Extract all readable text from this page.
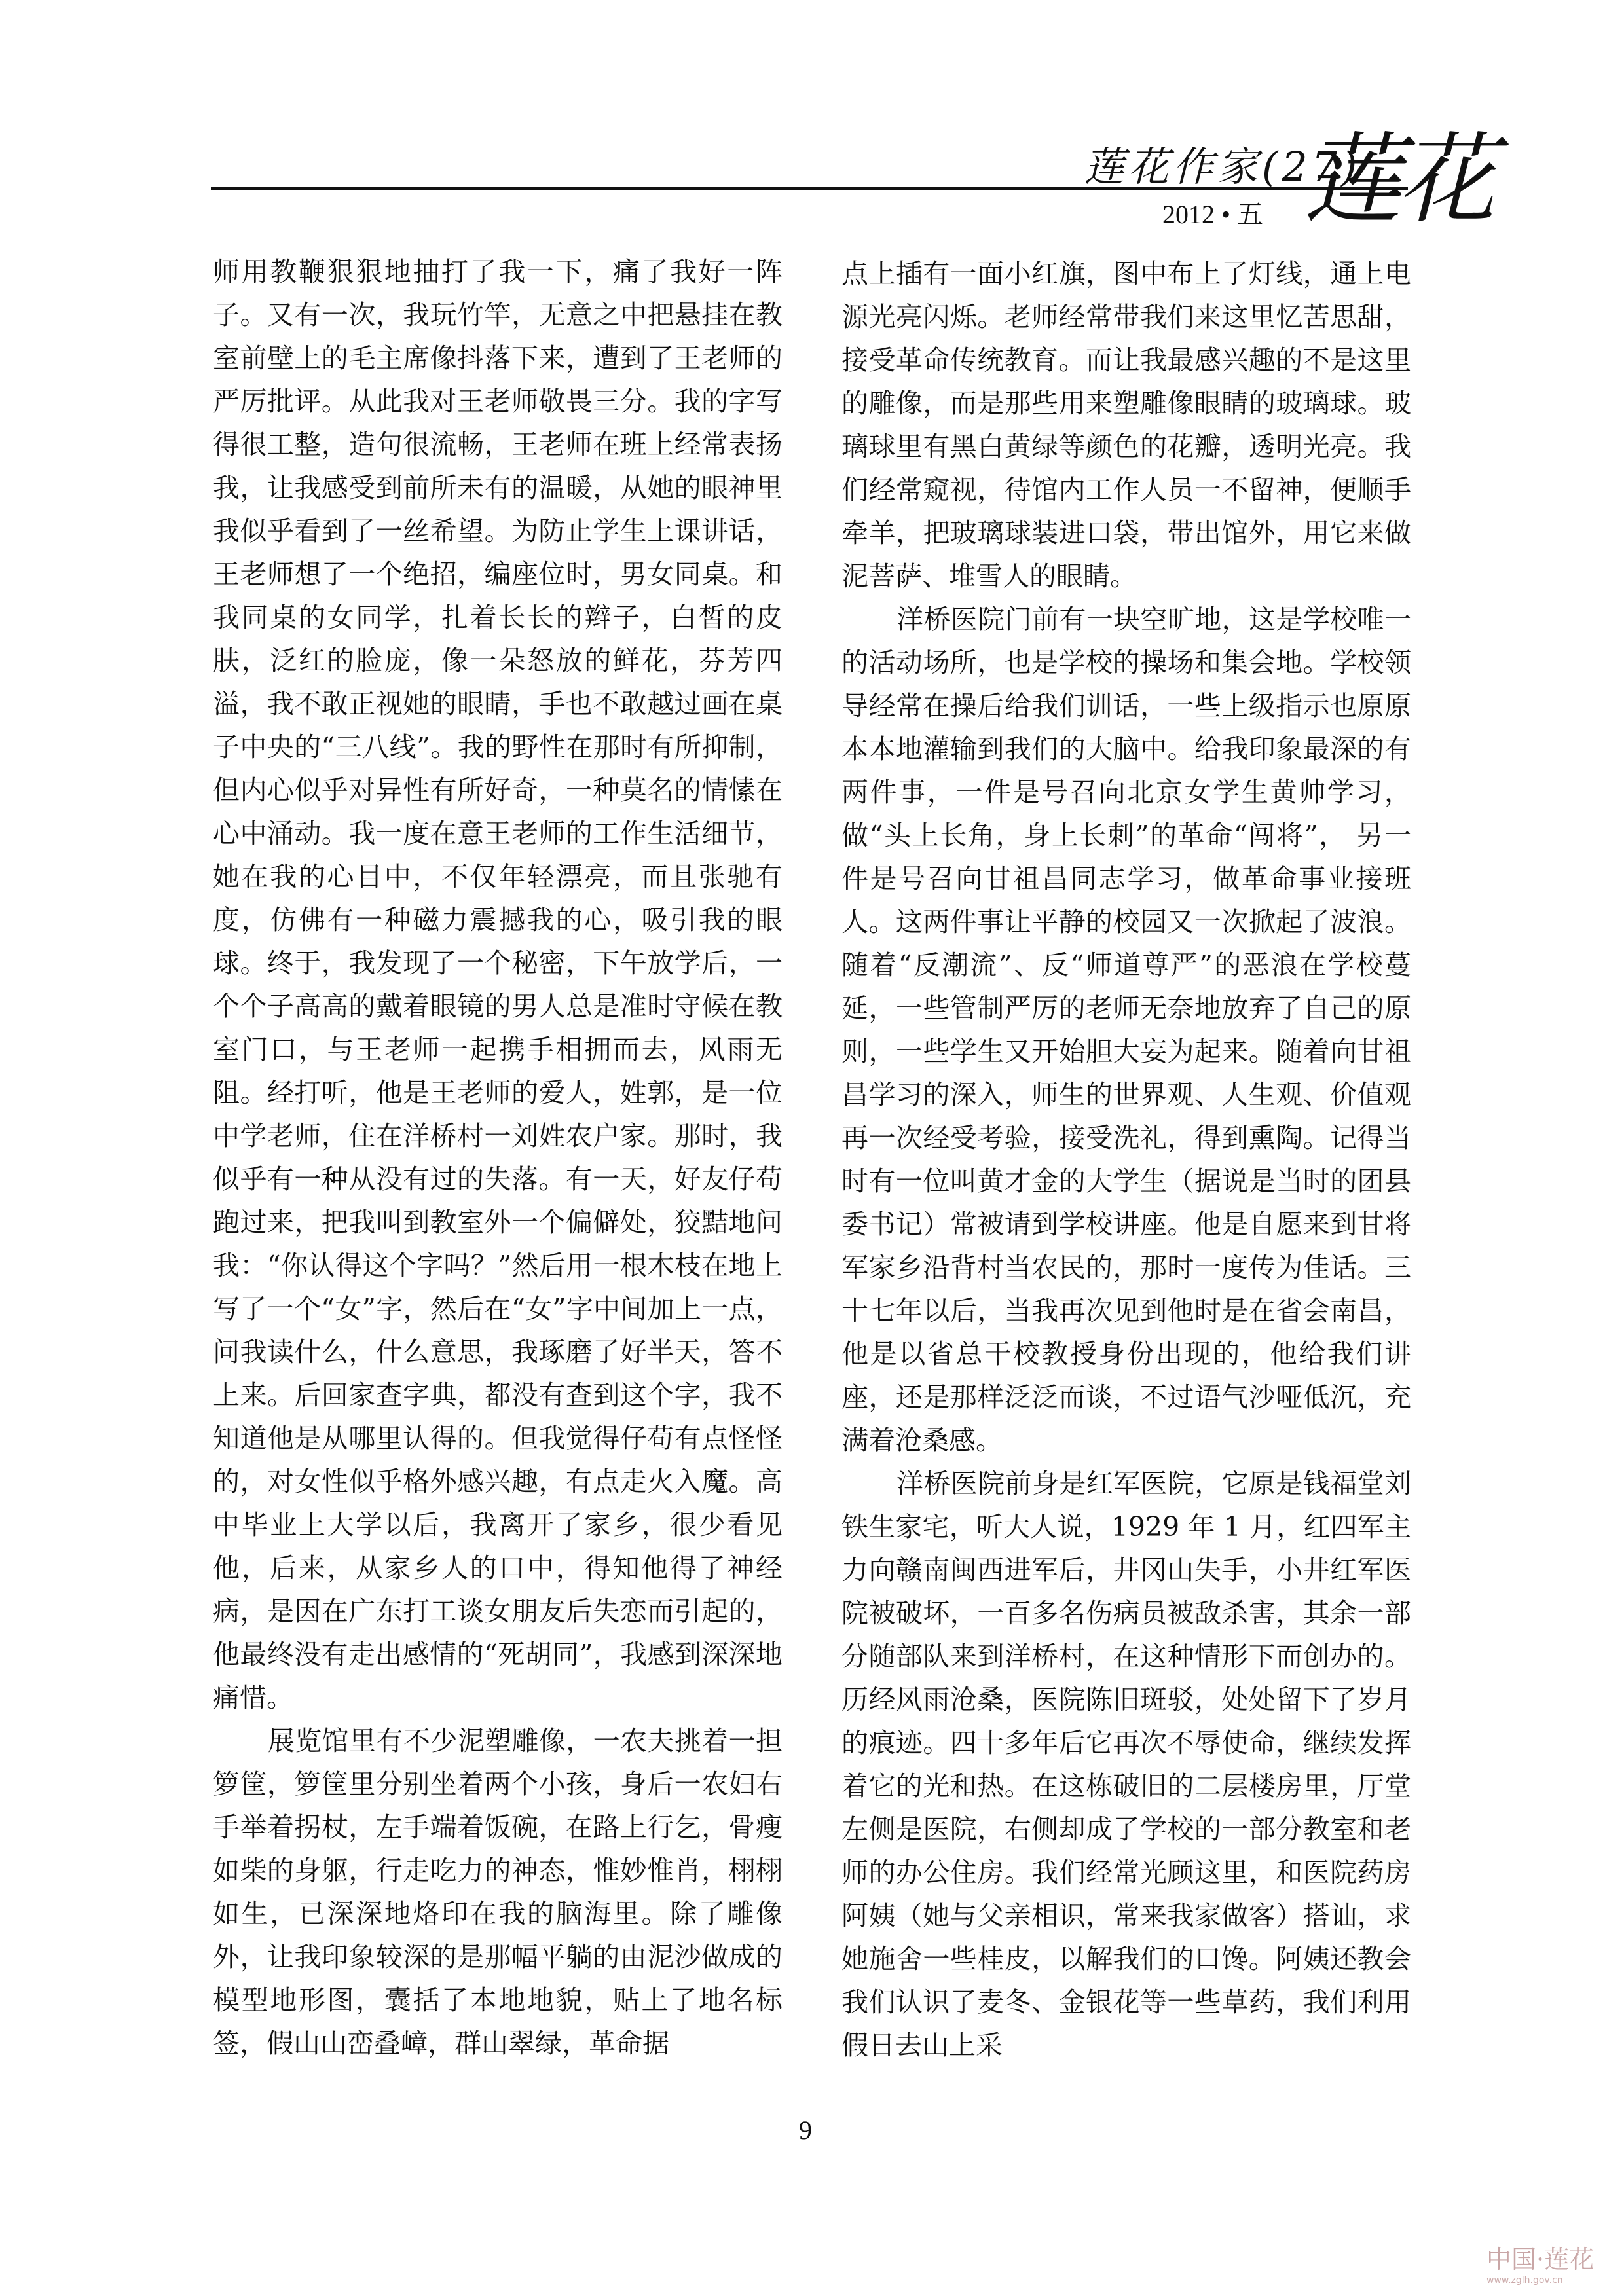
莲花作家(27)
2012 • 五 莲花

师用教鞭狠狠地抽打了我一下，痛了我好一阵子。又有一次，我玩竹竿，无意之中把悬挂在教室前壁上的毛主席像抖落下来，遭到了王老师的严厉批评。从此我对王老师敬畏三分。我的字写得很工整，造句很流畅，王老师在班上经常表扬我，让我感受到前所未有的温暖，从她的眼神里我似乎看到了一丝希望。为防止学生上课讲话，王老师想了一个绝招，编座位时，男女同桌。和我同桌的女同学，扎着长长的辫子，白皙的皮肤，泛红的脸庞，像一朵怒放的鲜花，芬芳四溢，我不敢正视她的眼睛，手也不敢越过画在桌子中央的“三八线”。我的野性在那时有所抑制，但内心似乎对异性有所好奇，一种莫名的情愫在心中涌动。我一度在意王老师的工作生活细节，她在我的心目中，不仅年轻漂亮，而且张驰有度，仿佛有一种磁力震撼我的心，吸引我的眼球。终于，我发现了一个秘密，下午放学后，一个个子高高的戴着眼镜的男人总是准时守候在教室门口，与王老师一起携手相拥而去，风雨无阻。经打听，他是王老师的爱人，姓郭，是一位中学老师，住在洋桥村一刘姓农户家。那时，我似乎有一种从没有过的失落。有一天，好友仔苟跑过来，把我叫到教室外一个偏僻处，狡黠地问我：“你认得这个字吗？”然后用一根木枝在地上写了一个“女”字，然后在“女”字中间加上一点，问我读什么，什么意思，我琢磨了好半天，答不上来。后回家查字典，都没有查到这个字，我不知道他是从哪里认得的。但我觉得仔苟有点怪怪的，对女性似乎格外感兴趣，有点走火入魔。高中毕业上大学以后，我离开了家乡，很少看见他，后来，从家乡人的口中，得知他得了神经病，是因在广东打工谈女朋友后失恋而引起的，他最终没有走出感情的“死胡同”，我感到深深地痛惜。

展览馆里有不少泥塑雕像，一农夫挑着一担箩筐，箩筐里分别坐着两个小孩，身后一农妇右手举着拐杖，左手端着饭碗，在路上行乞，骨瘦如柴的身躯，行走吃力的神态，惟妙惟肖，栩栩如生，已深深地烙印在我的脑海里。除了雕像外，让我印象较深的是那幅平躺的由泥沙做成的模型地形图，囊括了本地地貌，贴上了地名标签，假山山峦叠嶂，群山翠绿，革命据

点上插有一面小红旗，图中布上了灯线，通上电源光亮闪烁。老师经常带我们来这里忆苦思甜，接受革命传统教育。而让我最感兴趣的不是这里的雕像，而是那些用来塑雕像眼睛的玻璃球。玻璃球里有黑白黄绿等颜色的花瓣，透明光亮。我们经常窥视，待馆内工作人员一不留神，便顺手牵羊，把玻璃球装进口袋，带出馆外，用它来做泥菩萨、堆雪人的眼睛。

洋桥医院门前有一块空旷地，这是学校唯一的活动场所，也是学校的操场和集会地。学校领导经常在操后给我们训话，一些上级指示也原原本本地灌输到我们的大脑中。给我印象最深的有两件事，一件是号召向北京女学生黄帅学习，做“头上长角，身上长刺”的革命“闯将”， 另一件是号召向甘祖昌同志学习，做革命事业接班人。这两件事让平静的校园又一次掀起了波浪。随着“反潮流”、反“师道尊严”的恶浪在学校蔓延，一些管制严厉的老师无奈地放弃了自己的原则，一些学生又开始胆大妄为起来。随着向甘祖昌学习的深入，师生的世界观、人生观、价值观再一次经受考验，接受洗礼，得到熏陶。记得当时有一位叫黄才金的大学生（据说是当时的团县委书记）常被请到学校讲座。他是自愿来到甘将军家乡沿背村当农民的，那时一度传为佳话。三十七年以后，当我再次见到他时是在省会南昌，他是以省总干校教授身份出现的，他给我们讲座，还是那样泛泛而谈，不过语气沙哑低沉，充满着沧桑感。

洋桥医院前身是红军医院，它原是钱福堂刘铁生家宅，听大人说，1929 年 1 月，红四军主力向赣南闽西进军后，井冈山失手，小井红军医院被破坏，一百多名伤病员被敌杀害，其余一部分随部队来到洋桥村，在这种情形下而创办的。历经风雨沧桑，医院陈旧斑驳，处处留下了岁月的痕迹。四十多年后它再次不辱使命，继续发挥着它的光和热。在这栋破旧的二层楼房里，厅堂左侧是医院，右侧却成了学校的一部分教室和老师的办公住房。我们经常光顾这里，和医院药房阿姨（她与父亲相识，常来我家做客）搭讪，求她施舍一些桂皮，以解我们的口馋。阿姨还教会我们认识了麦冬、金银花等一些草药，我们利用假日去山上采

9
中国·莲花
www.zglh.gov.cn
